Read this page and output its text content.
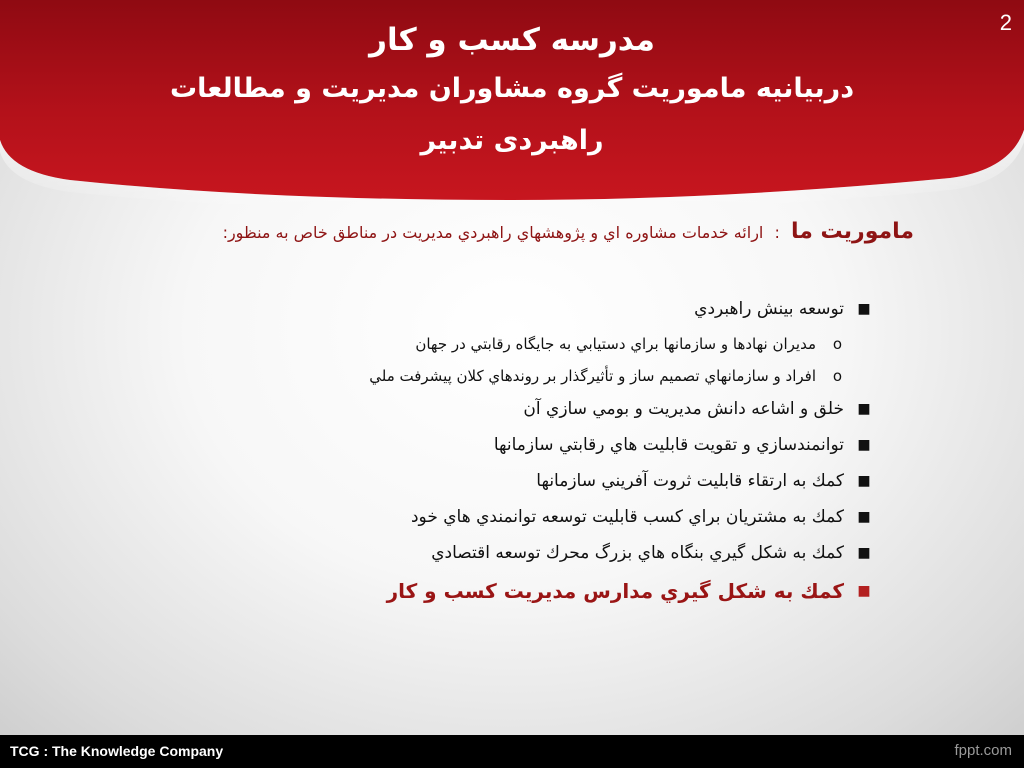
2
مدرسه کسب و کار
دربیانیه ماموریت گروه مشاوران مدیریت و مطالعات
راهبردی تدبیر
ماموريت ما : ارائه خدمات مشاوره اي و پژوهشهاي راهبردي مديريت در مناطق خاص به منظور:
■
توسعه بينش راهبردي
o
مديران نهادها و سازمانها براي دستيابي به جايگاه رقابتي در جهان
o
افراد و سازمانهاي تصميم ساز و تأثيرگذار بر روندهاي كلان پيشرفت ملي
■
خلق و اشاعه دانش مديريت و بومي سازي آن
■
توانمندسازي و تقويت قابليت هاي رقابتي سازمانها
■
كمك به ارتقاء قابليت ثروت آفريني سازمانها
■
كمك به مشتريان براي كسب قابليت توسعه توانمندي هاي خود
■
كمك به شكل گيري بنگاه هاي بزرگ محرك توسعه اقتصادي
■
كمك به شكل گيري مدارس مديريت كسب و كار
TCG : The Knowledge Company	fppt.com
